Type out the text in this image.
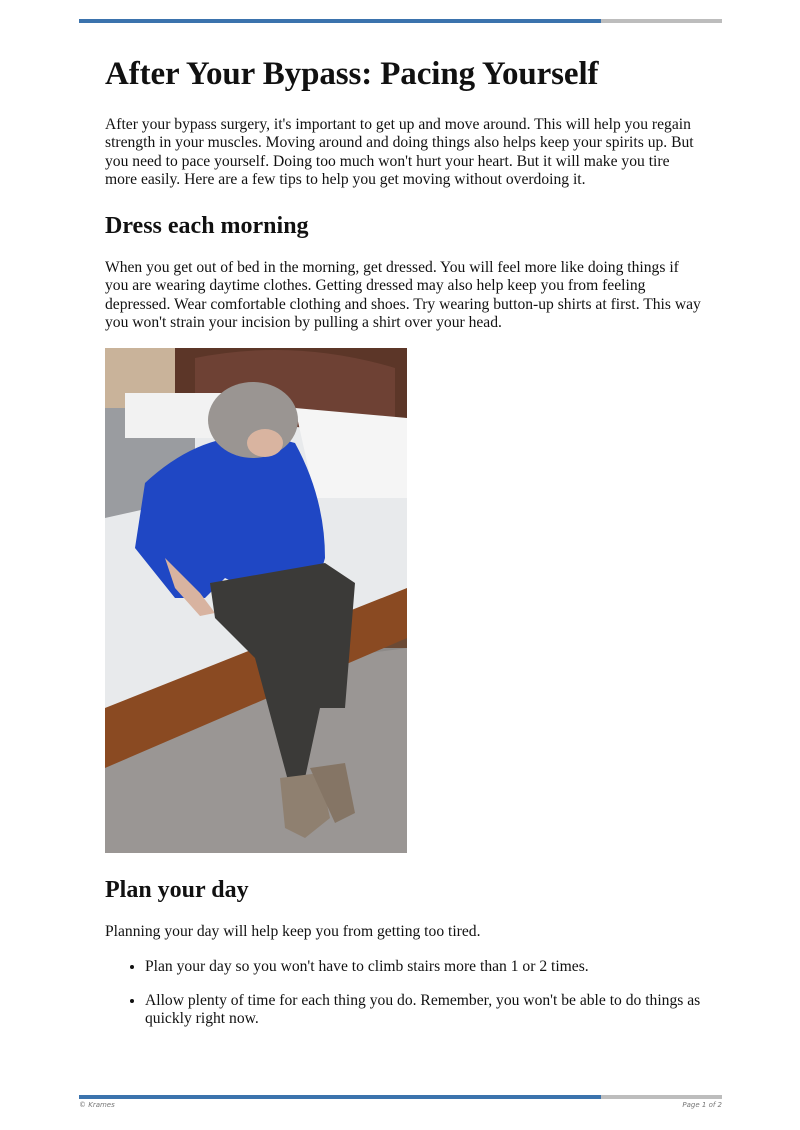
After Your Bypass: Pacing Yourself

After your bypass surgery, it's important to get up and move around. This will help you regain strength in your muscles. Moving around and doing things also helps keep your spirits up. But you need to pace yourself. Doing too much won't hurt your heart. But it will make you tire more easily. Here are a few tips to help you get moving without overdoing it.

Dress each morning

When you get out of bed in the morning, get dressed. You will feel more like doing things if you are wearing daytime clothes. Getting dressed may also help keep you from feeling depressed. Wear comfortable clothing and shoes. Try wearing button-up shirts at first. This way you won't strain your incision by pulling a shirt over your head.

Plan your day

Planning your day will help keep you from getting too tired.

• Plan your day so you won't have to climb stairs more than 1 or 2 times.
• Allow plenty of time for each thing you do. Remember, you won't be able to do things as quickly right now.
© Krames	Page 1 of 2
